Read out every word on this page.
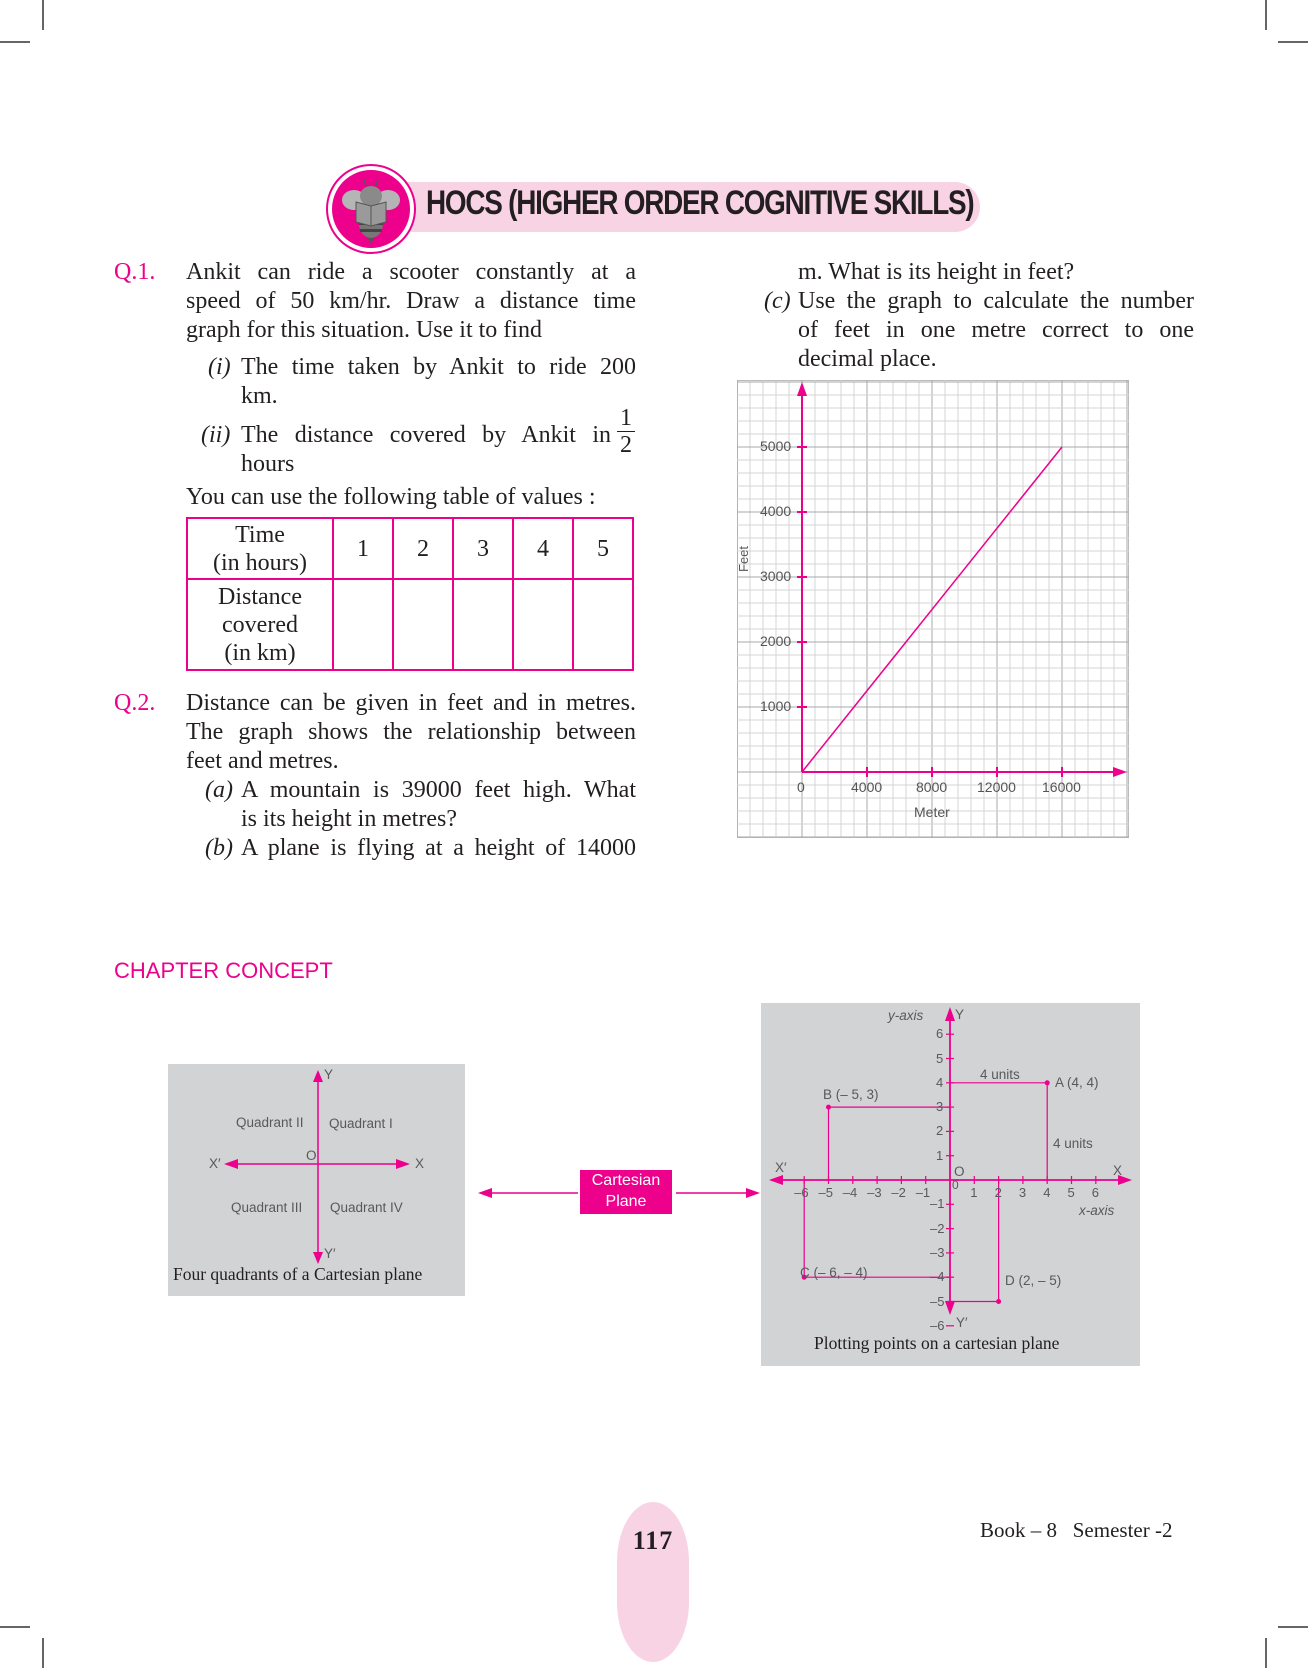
HOCS (HIGHER ORDER COGNITIVE SKILLS)
Q.1. Ankit can ride a scooter constantly at a
speed of 50 km/hr. Draw a distance time
graph for this situation. Use it to find
(i) The time taken by Ankit to ride 200
km.
(ii) The distance covered by Ankit in
hours
1
2
You can use the following table of values :
Time
(in hours)	1	2	3	4	5
Distance
covered
(in km)					
Q.2. Distance can be given in feet and in metres.
The graph shows the relationship between
feet and metres.
(a) A mountain is 39000 feet high. What
is its height in metres?
(b) A plane is flying at a height of 14000
m. What is its height in feet?
(c) Use the graph to calculate the number
of feet in one metre correct to one
decimal place.
Feet
5000
4000
3000
2000
1000
0	4000 8000 12000 16000
Meter
CHAPTER CONCEPT
Y
Y′
X
X′
O
Quadrant II Quadrant I
Quadrant III Quadrant IV
Four quadrants of a Cartesian plane
Cartesian
Plane
–6 –5 –4 –3 –2 –1	1 2 3 4 5 6
1
2
3
4
5
6
–1
–2
–3
–4
–5
–6
y-axis
x-axis
Y
Y′
X
X′	O
0
A (4, 4)
B (– 5, 3)
C (– 6, – 4)
D (2, – 5)
4 units
4 units
Plotting points on a cartesian plane
117	Book – 8   Semester -2
